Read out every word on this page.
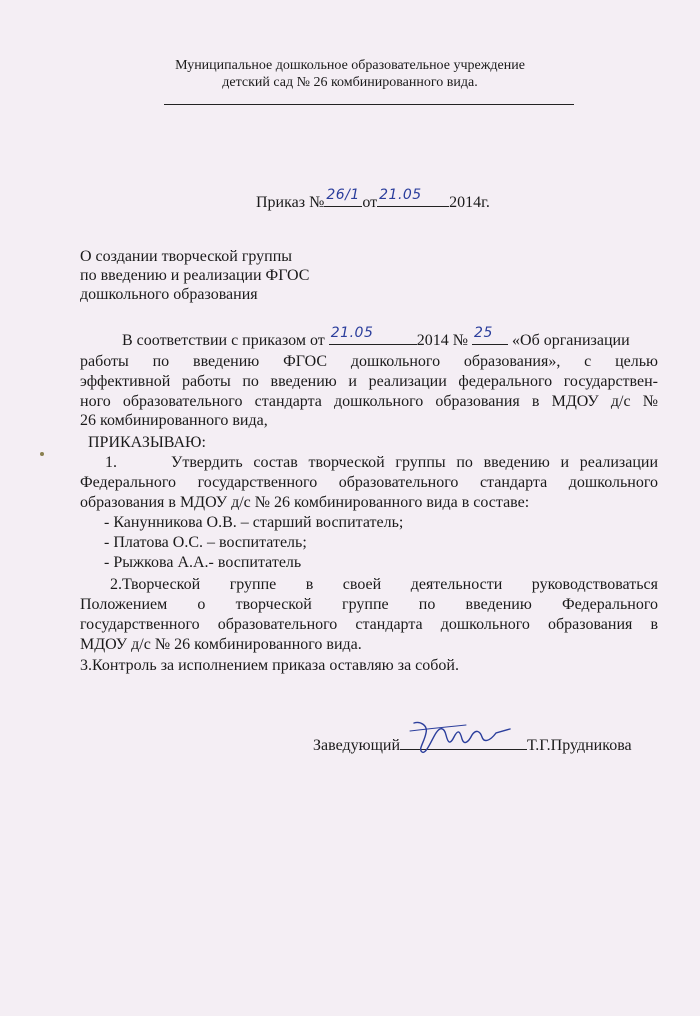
Муниципальное дошкольное образовательное учреждение
детский сад № 26 комбинированного вида.
Приказ № 26/1 от 21.05 2014г.
О создании творческой группы
по введению и реализации ФГОС
дошкольного образования
В соответствии с приказом от 21.05	2014 № 25 «Об организации
работы по введению ФГОС дошкольного образования», с целью
эффективной работы по введению и реализации федерального государствен-
ного образовательного стандарта дошкольного образования в МДОУ д/с №
26 комбинированного вида,
ПРИКАЗЫВАЮ:
1.	Утвердить состав творческой группы по введению и реализации
Федерального государственного образовательного стандарта дошкольного
образования в МДОУ д/с № 26 комбинированного вида в составе:
- Канунникова О.В. – старший воспитатель;
- Платова О.С. – воспитатель;
- Рыжкова А.А.- воспитатель
2.Творческой группе в своей деятельности руководствоваться
Положением о творческой группе по введению Федерального
государственного образовательного стандарта дошкольного образования в
МДОУ д/с № 26 комбинированного вида.
3.Контроль за исполнением приказа оставляю за собой.
Заведующий	Т.Г.Прудникова
